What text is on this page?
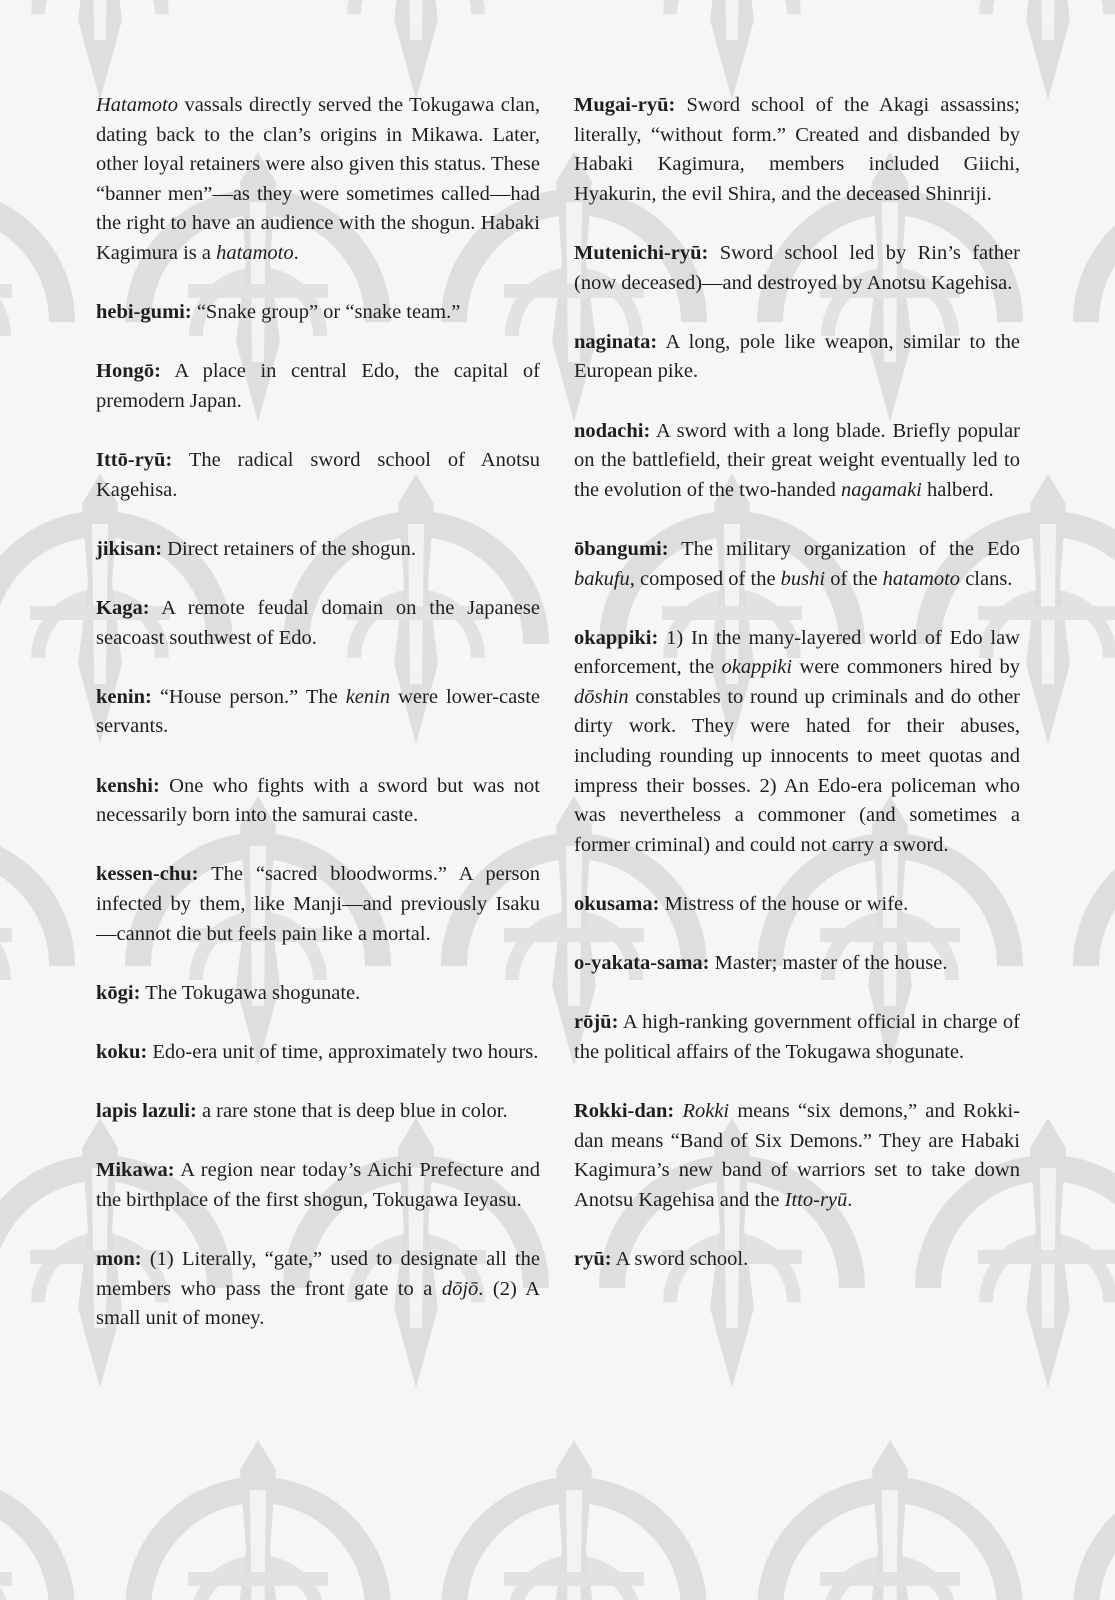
Hatamoto vassals directly served the Tokugawa clan, dating back to the clan’s origins in Mikawa. Later, other loyal retainers were also given this status. These “banner men”—as they were sometimes called—had the right to have an audience with the shogun. Habaki Kagimura is a hatamoto.

hebi-gumi: “Snake group” or “snake team.”

Hongō: A place in central Edo, the capital of premodern Japan.

Ittō-ryū: The radical sword school of Anotsu Kagehisa.

jikisan: Direct retainers of the shogun.

Kaga: A remote feudal domain on the Japanese seacoast southwest of Edo.

kenin: “House person.” The kenin were lower-caste servants.

kenshi: One who fights with a sword but was not necessarily born into the samurai caste.

kessen-chu: The “sacred bloodworms.” A person infected by them, like Manji—and previously Isaku—cannot die but feels pain like a mortal.

kōgi: The Tokugawa shogunate.

koku: Edo-era unit of time, approximately two hours.

lapis lazuli: a rare stone that is deep blue in color.

Mikawa: A region near today’s Aichi Prefecture and the birthplace of the first shogun, Tokugawa Ieyasu.

mon: (1) Literally, “gate,” used to designate all the members who pass the front gate to a dōjō. (2) A small unit of money.

Mugai-ryū: Sword school of the Akagi assassins; literally, “without form.” Created and disbanded by Habaki Kagimura, members included Giichi, Hyakurin, the evil Shira, and the deceased Shinriji.

Mutenichi-ryū: Sword school led by Rin’s father (now deceased)—and destroyed by Anotsu Kagehisa.

naginata: A long, pole like weapon, similar to the European pike.

nodachi: A sword with a long blade. Briefly popular on the battlefield, their great weight eventually led to the evolution of the two-handed nagamaki halberd.

ōbangumi: The military organization of the Edo bakufu, composed of the bushi of the hatamoto clans.

okappiki: 1) In the many-layered world of Edo law enforcement, the okappiki were commoners hired by dōshin constables to round up criminals and do other dirty work. They were hated for their abuses, including rounding up innocents to meet quotas and impress their bosses. 2) An Edo-era policeman who was nevertheless a commoner (and sometimes a former criminal) and could not carry a sword.

okusama: Mistress of the house or wife.

o-yakata-sama: Master; master of the house.

rōjū: A high-ranking government official in charge of the political affairs of the Tokugawa shogunate.

Rokki-dan: Rokki means “six demons,” and Rokki-dan means “Band of Six Demons.” They are Habaki Kagimura’s new band of warriors set to take down Anotsu Kagehisa and the Itto-ryū.

ryū: A sword school.
